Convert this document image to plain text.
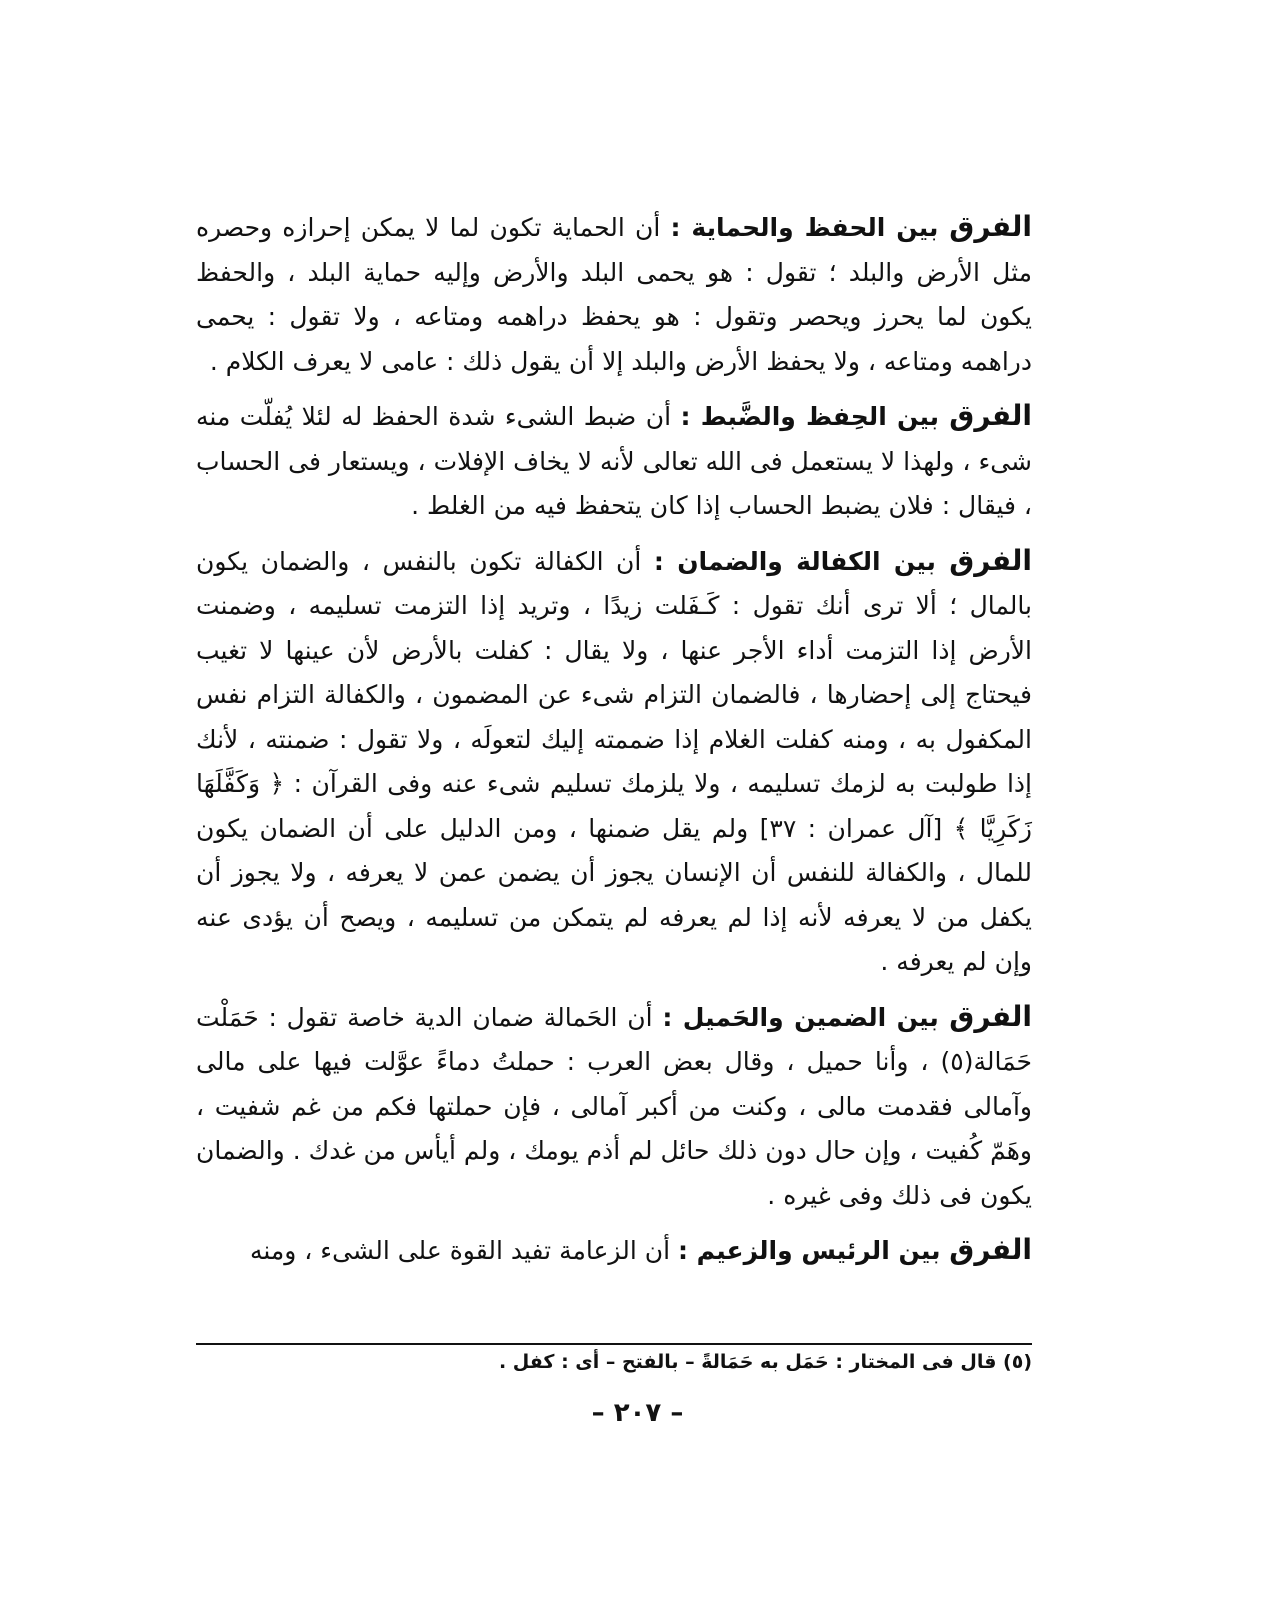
الفرق بين الحفظ والحماية : أن الحماية تكون لما لا يمكن إحرازه وحصره مثل الأرض والبلد ؛ تقول : هو يحمى البلد والأرض وإليه حماية البلد ، والحفظ يكون لما يحرز ويحصر وتقول : هو يحفظ دراهمه ومتاعه ، ولا تقول : يحمى دراهمه ومتاعه ، ولا يحفظ الأرض والبلد إلا أن يقول ذلك : عامى لا يعرف الكلام .

الفرق بين الحِفظ والضَّبط : أن ضبط الشىء شدة الحفظ له لئلا يُفلّت منه شىء ، ولهذا لا يستعمل فى الله تعالى لأنه لا يخاف الإفلات ، ويستعار فى الحساب ، فيقال : فلان يضبط الحساب إذا كان يتحفظ فيه من الغلط .

الفرق بين الكفالة والضمان : أن الكفالة تكون بالنفس ، والضمان يكون بالمال ؛ ألا ترى أنك تقول : كَـفَلت زيدًا ، وتريد إذا التزمت تسليمه ، وضمنت الأرض إذا التزمت أداء الأجر عنها ، ولا يقال : كفلت بالأرض لأن عينها لا تغيب فيحتاج إلى إحضارها ، فالضمان التزام شىء عن المضمون ، والكفالة التزام نفس المكفول به ، ومنه كفلت الغلام إذا ضممته إليك لتعولَه ، ولا تقول : ضمنته ، لأنك إذا طولبت به لزمك تسليمه ، ولا يلزمك تسليم شىء عنه وفى القرآن : ﴿ وَكَفَّلَهَا زَكَرِيَّا ﴾ [آل عمران : ٣٧] ولم يقل ضمنها ، ومن الدليل على أن الضمان يكون للمال ، والكفالة للنفس أن الإنسان يجوز أن يضمن عمن لا يعرفه ، ولا يجوز أن يكفل من لا يعرفه لأنه إذا لم يعرفه لم يتمكن من تسليمه ، ويصح أن يؤدى عنه وإن لم يعرفه .

الفرق بين الضمين والحَميل : أن الحَمالة ضمان الدية خاصة تقول : حَمَلْت حَمَالة(٥) ، وأنا حميل ، وقال بعض العرب : حملتُ دماءً عوَّلت فيها على مالى وآمالى فقدمت مالى ، وكنت من أكبر آمالى ، فإن حملتها فكم من غم شفيت ، وهَمّ كُفيت ، وإن حال دون ذلك حائل لم أذم يومك ، ولم أيأس من غدك . والضمان يكون فى ذلك وفى غيره .

الفرق بين الرئيس والزعيم : أن الزعامة تفيد القوة على الشىء ، ومنه

(٥) قال فى المختار : حَمَل به حَمَالةً – بالفتح – أى : كفل .
– ٢٠٧ –
